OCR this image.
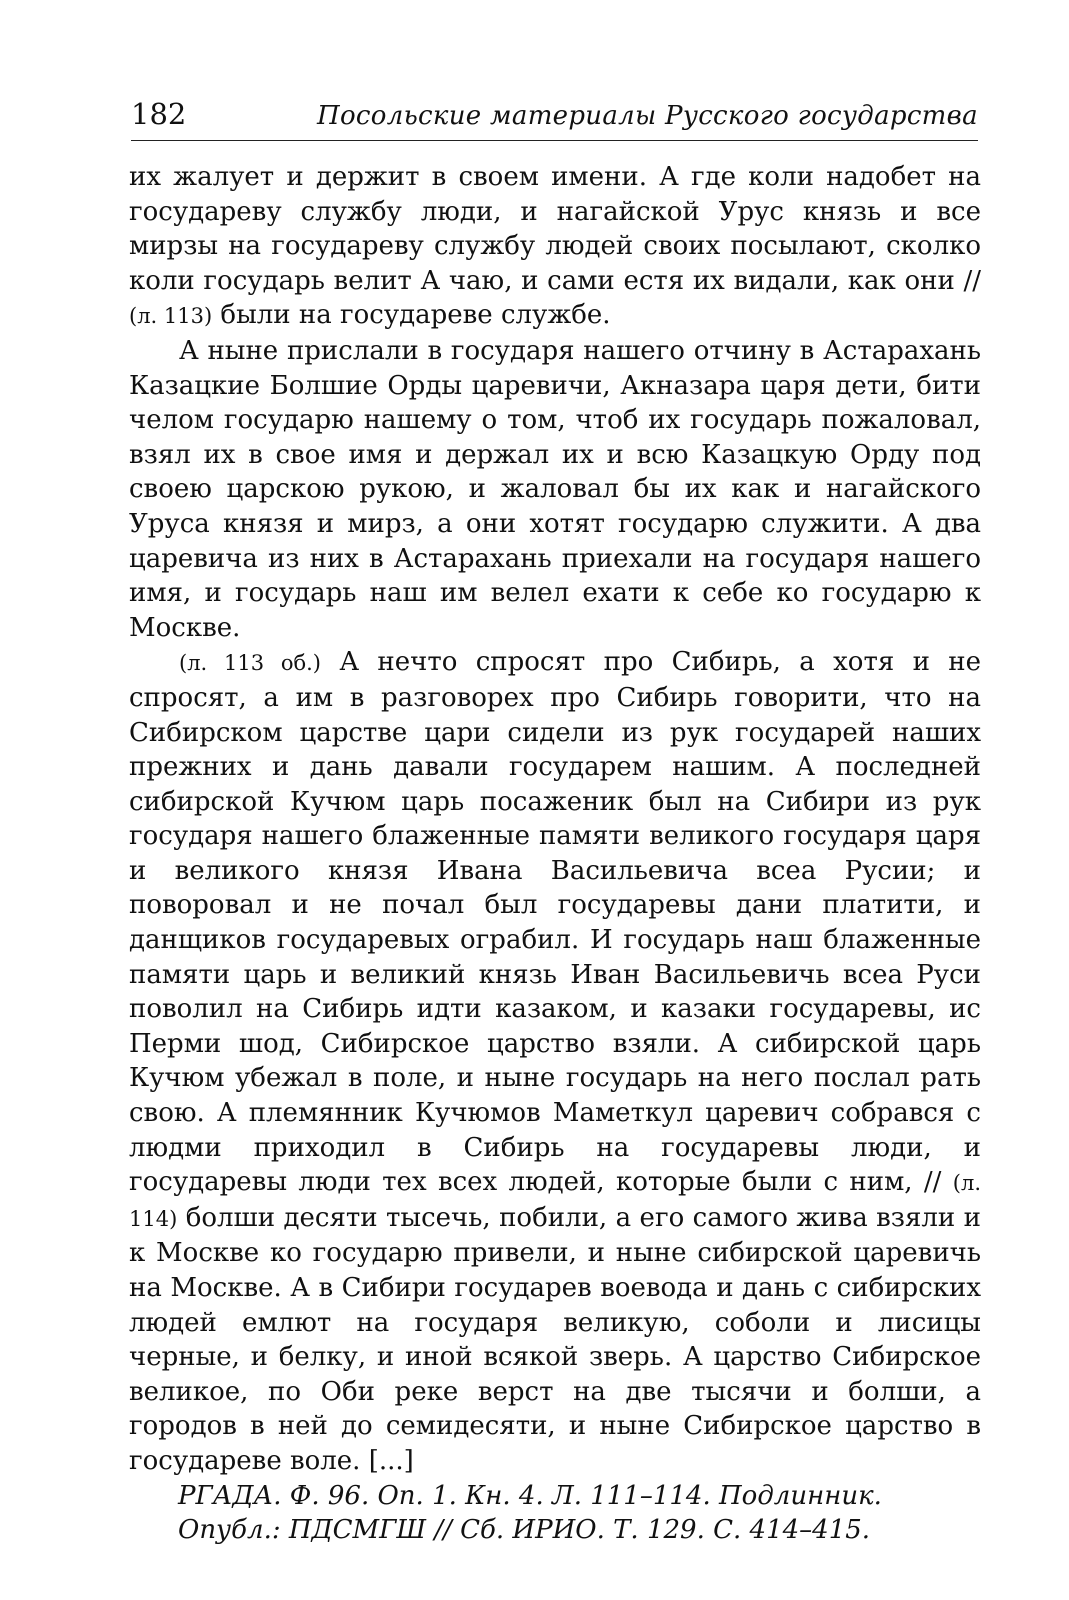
182	Посольские материалы Русского государства

их жалует и держит в своем имени. А где коли надобет на государеву службу люди, и нагайской Урус князь и все мирзы на государеву службу людей своих посылают, сколко коли государь велит А чаю, и сами естя их видали, как они // (л. 113) были на государеве службе.

А ныне прислали в государя нашего отчину в Астарахань Казацкие Болшие Орды царевичи, Акназара царя дети, бити челом государю нашему о том, чтоб их государь пожаловал, взял их в свое имя и держал их и всю Казацкую Орду под своею царскою рукою, и жаловал бы их как и нагайского Уруса князя и мирз, а они хотят государю служити. А два царевича из них в Астарахань приехали на государя нашего имя, и государь наш им велел ехати к себе ко государю к Москве.

(л. 113 об.) А нечто спросят про Сибирь, а хотя и не спросят, а им в разговорех про Сибирь говорити, что на Сибирском царстве цари сидели из рук государей наших прежних и дань давали государем нашим. А последней сибирской Кучюм царь посаженик был на Сибири из рук государя нашего блаженные памяти великого государя царя и великого князя Ивана Васильевича всеа Русии; и поворовал и не почал был государевы дани платити, и данщиков государевых ограбил. И государь наш блаженные памяти царь и великий князь Иван Васильевичь всеа Руси поволил на Сибирь идти казаком, и казаки государевы, ис Перми шод, Сибирское царство взяли. А сибирской царь Кучюм убежал в поле, и ныне государь на него послал рать свою. А племянник Кучюмов Маметкул царевич собрався с людми приходил в Сибирь на государевы люди, и государевы люди тех всех людей, которые были с ним, // (л. 114) болши десяти тысечь, побили, а его самого жива взяли и к Москве ко государю привели, и ныне сибирской царевичь на Москве. А в Сибири государев воевода и дань с сибирских людей емлют на государя великую, соболи и лисицы черные, и белку, и иной всякой зверь. А царство Сибирское великое, по Оби реке верст на две тысячи и болши, а городов в ней до семидесяти, и ныне Сибирское царство в государеве воле. [...]

РГАДА. Ф. 96. Оп. 1. Кн. 4. Л. 111–114. Подлинник.

Опубл.: ПДСМГШ // Сб. ИРИО. Т. 129. С. 414–415.
